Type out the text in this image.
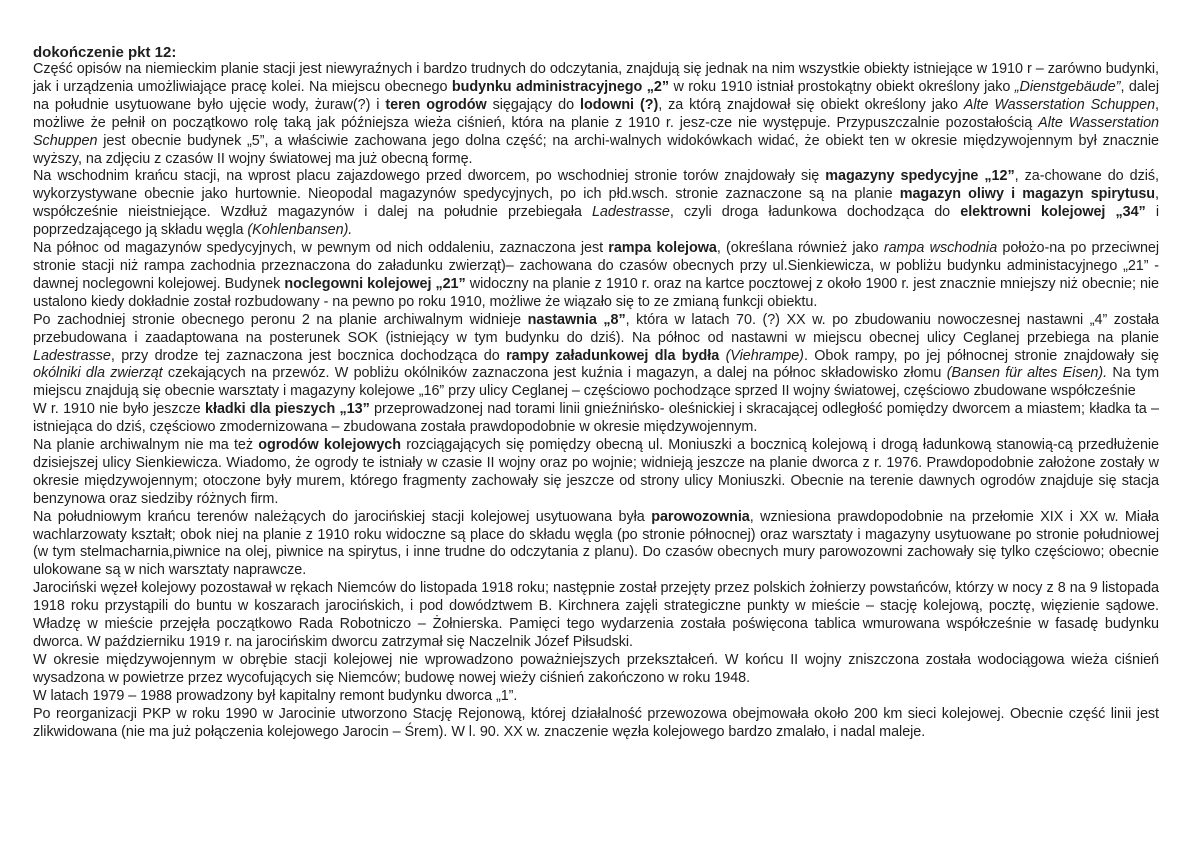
dokończenie pkt 12:

Część opisów na niemieckim planie stacji jest niewyraźnych i bardzo trudnych do odczytania, znajdują się jednak na nim wszystkie obiekty istniejące w 1910 r – zarówno budynki, jak i urządzenia umożliwiające pracę kolei. Na miejscu obecnego budynku administracyjnego „2” w roku 1910 istniał prostokątny obiekt określony jako „Dienstgebäude”, dalej na południe usytuowane było ujęcie wody, żuraw(?) i teren ogrodów sięgający do lodowni (?), za którą znajdował się obiekt określony jako Alte Wasserstation Schuppen, możliwe że pełnił on początkowo rolę taką jak późniejsza wieża ciśnień, która na planie z 1910 r. jesz-cze nie występuje. Przypuszczalnie pozostałością Alte Wasserstation Schuppen jest obecnie budynek „5”, a właściwie zachowana jego dolna część; na archi-walnych widokówkach widać, że obiekt ten w okresie międzywojennym był znacznie wyższy, na zdjęciu z czasów II wojny światowej ma już obecną formę.

Na wschodnim krańcu stacji, na wprost placu zajazdowego przed dworcem, po wschodniej stronie torów znajdowały się magazyny spedycyjne „12”, za-chowane do dziś, wykorzystywane obecnie jako hurtownie. Nieopodal magazynów spedycyjnych, po ich płd.wsch. stronie zaznaczone są na planie magazyn oliwy i magazyn spirytusu, współcześnie nieistniejące. Wzdłuż magazynów i dalej na południe przebiegała Ladestrasse, czyli droga ładunkowa dochodząca do elektrowni kolejowej „34” i poprzedzającego ją składu węgla (Kohlenbansen).

Na północ od magazynów spedycyjnych, w pewnym od nich oddaleniu, zaznaczona jest rampa kolejowa, (określana również jako rampa wschodnia położo-na po przeciwnej stronie stacji niż rampa zachodnia przeznaczona do załadunku zwierząt)– zachowana do czasów obecnych przy ul.Sienkiewicza, w pobliżu budynku administacyjnego „21” - dawnej noclegowni kolejowej. Budynek noclegowni kolejowej „21” widoczny na planie z 1910 r. oraz na kartce pocztowej z około 1900 r. jest znacznie mniejszy niż obecnie; nie ustalono kiedy dokładnie został rozbudowany - na pewno po roku 1910, możliwe że wiązało się to ze zmianą funkcji obiektu.

Po zachodniej stronie obecnego peronu 2 na planie archiwalnym widnieje nastawnia „8”, która w latach 70. (?) XX w. po zbudowaniu nowoczesnej nastawni „4” została przebudowana i zaadaptowana na posterunek SOK (istniejący w tym budynku do dziś). Na północ od nastawni w miejscu obecnej ulicy Ceglanej przebiega na planie Ladestrasse, przy drodze tej zaznaczona jest bocznica dochodząca do rampy załadunkowej dla bydła (Viehrampe). Obok rampy, po jej północnej stronie znajdowały się okólniki dla zwierząt czekających na przewóz. W pobliżu okólników zaznaczona jest kuźnia i magazyn, a dalej na północ składowisko złomu (Bansen für altes Eisen). Na tym miejscu znajdują się obecnie warsztaty i magazyny kolejowe „16” przy ulicy Ceglanej – częściowo pochodzące sprzed II wojny światowej, częściowo zbudowane współcześnie

W r. 1910 nie było jeszcze kładki dla pieszych „13” przeprowadzonej nad torami linii gnieźnińsko- oleśnickiej i skracającej odległość pomiędzy dworcem a miastem; kładka ta – istniejąca do dziś, częściowo zmodernizowana – zbudowana została prawdopodobnie w okresie międzywojennym.

Na planie archiwalnym nie ma też ogrodów kolejowych rozciągających się pomiędzy obecną ul. Moniuszki a bocznicą kolejową i drogą ładunkową stanowią-cą przedłużenie dzisiejszej ulicy Sienkiewicza. Wiadomo, że ogrody te istniały w czasie II wojny oraz po wojnie; widnieją jeszcze na planie dworca z r. 1976. Prawdopodobnie założone zostały w okresie międzywojennym; otoczone były murem, którego fragmenty zachowały się jeszcze od strony ulicy Moniuszki. Obecnie na terenie dawnych ogrodów znajduje się stacja benzynowa oraz siedziby różnych firm.

Na południowym krańcu terenów należących do jarocińskiej stacji kolejowej usytuowana była parowozownia, wzniesiona prawdopodobnie na przełomie XIX i XX w. Miała wachlarzowaty kształt; obok niej na planie z 1910 roku widoczne są place do składu węgla (po stronie północnej) oraz warsztaty i magazyny usytuowane po stronie południowej (w tym stelmacharnia,piwnice na olej, piwnice na spirytus, i inne trudne do odczytania z planu). Do czasów obecnych mury parowozowni zachowały się tylko częściowo; obecnie ulokowane są w nich warsztaty naprawcze.

Jarociński węzeł kolejowy pozostawał w rękach Niemców do listopada 1918 roku; następnie został przejęty przez polskich żołnierzy powstańców, którzy w nocy z 8 na 9 listopada 1918 roku przystąpili do buntu w koszarach jarocińskich, i pod dowództwem B. Kirchnera zajęli strategiczne punkty w mieście – stację kolejową, pocztę, więzienie sądowe. Władzę w mieście przejęła początkowo Rada Robotniczo – Żołnierska. Pamięci tego wydarzenia została poświęcona tablica wmurowana współcześnie w fasadę budynku dworca. W październiku 1919 r. na jarocińskim dworcu zatrzymał się Naczelnik Józef Piłsudski.

W okresie międzywojennym w obrębie stacji kolejowej nie wprowadzono poważniejszych przekształceń. W końcu II wojny zniszczona została wodociągowa wieża ciśnień wysadzona w powietrze przez wycofujących się Niemców; budowę nowej wieży ciśnień zakończono w roku 1948.

W latach 1979 – 1988 prowadzony był kapitalny remont budynku dworca „1”.

Po reorganizacji PKP w roku 1990 w Jarocinie utworzono Stację Rejonową, której działalność przewozowa obejmowała około 200 km sieci kolejowej. Obecnie część linii jest zlikwidowana (nie ma już połączenia kolejowego Jarocin – Śrem). W l. 90. XX w. znaczenie węzła kolejowego bardzo zmalało, i nadal maleje.
